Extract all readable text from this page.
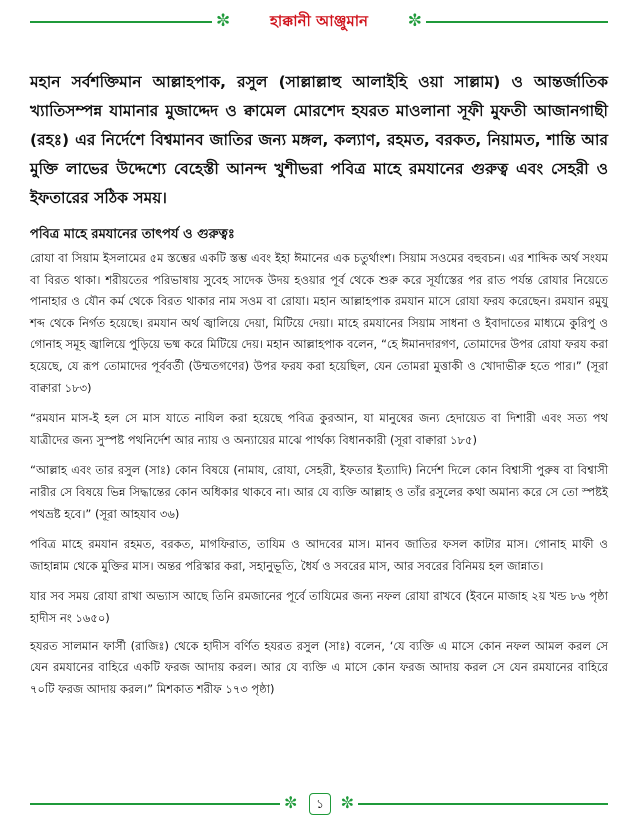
✼	হাক্কানী আঞ্জুমান	✼
মহান সর্বশক্তিমান আল্লাহপাক, রসুল (সাল্লাল্লাহু আলাইহি ওয়া সাল্লাম) ও আন্তর্জাতিক খ্যাতিসম্পন্ন যামানার মুজাদ্দেদ ও ক্বামেল মোরশেদ হযরত মাওলানা সূফী মুফতী আজানগাছী (রহঃ) এর নির্দেশে বিশ্বমানব জাতির জন্য মঙ্গল, কল্যাণ, রহমত, বরকত, নিয়ামত, শান্তি আর মুক্তি লাভের উদ্দেশ্যে বেহেস্তী আনন্দ খুশীভরা পবিত্র মাহে রমযানের গুরুত্ব এবং সেহরী ও ইফতারের সঠিক সময়।
পবিত্র মাহে রমযানের তাৎপর্য ও গুরুত্বঃ

রোযা বা সিয়াম ইসলামের ৫ম স্তম্ভের একটি স্তম্ভ এবং ইহা ঈমানের এক চতুর্থাংশ। সিয়াম সওমের বহুবচন। এর শাব্দিক অর্থ সংযম বা বিরত থাকা। শরীয়তের পরিভাষায় সুবেহ সাদেক উদয় হওয়ার পূর্ব থেকে শুরু করে সূর্যাস্তের পর রাত পর্যন্ত রোযার নিয়েতে পানাহার ও যৌন কর্ম থেকে বিরত থাকার নাম সওম বা রোযা। মহান আল্লাহপাক রমযান মাসে রোযা ফরয করেছেন। রমযান রমুযু শব্দ থেকে নির্গত হয়েছে। রমযান অর্থ জ্বালিয়ে দেয়া, মিটিয়ে দেয়া। মাহে রমযানের সিয়াম সাধনা ও ইবাদাতের মাধ্যমে কুরিপু ও গোনাহ সমূহ জ্বালিয়ে পুড়িয়ে ভষ্ম করে মিটিয়ে দেয়। মহান আল্লাহপাক বলেন, “হে ঈমানদারগণ, তোমাদের উপর রোযা ফরয করা হয়েছে, যে রূপ তোমাদের পূর্ববর্তী (উম্মতগণের) উপর ফরয করা হয়েছিল, যেন তোমরা মুত্তাকী ও খোদাভীরু হতে পার।” (সূরা বাক্বারা ১৮৩)

“রমযান মাস-ই হল সে মাস যাতে নাযিল করা হয়েছে পবিত্র কুরআন, যা মানুষের জন্য হেদায়েত বা দিশারী এবং সত্য পথ যাত্রীদের জন্য সুস্পষ্ট পথনির্দেশ আর ন্যায় ও অন্যায়ের মাঝে পার্থক্য বিধানকারী (সূরা বাক্বারা ১৮৫)

“আল্লাহ এবং তার রসুল (সাঃ) কোন বিষয়ে (নামায, রোযা, সেহরী, ইফতার ইত্যাদি) নির্দেশ দিলে কোন বিশ্বাসী পুরুষ বা বিশ্বাসী নারীর সে বিষয়ে ভিন্ন সিদ্ধান্তের কোন অধিকার থাকবে না। আর যে ব্যক্তি আল্লাহ ও তাঁর রসুলের কথা অমান্য করে সে তো স্পষ্টই পথভ্রষ্ট হবে।” (সূরা আহযাব ৩৬)

পবিত্র মাহে রমযান রহমত, বরকত, মাগফিরাত, তাযিম ও আদবের মাস। মানব জাতির ফসল কাটার মাস। গোনাহ মাফী ও জাহান্নাম থেকে মুক্তির মাস। অন্তর পরিস্কার করা, সহানুভূতি, ধৈর্য ও সবরের মাস, আর সবরের বিনিময় হল জান্নাত।

যার সব সময় রোযা রাখা অভ্যাস আছে তিনি রমজানের পূর্বে তাযিমের জন্য নফল রোযা রাখবে (ইবনে মাজাহ ২য় খন্ড ৮৬ পৃষ্ঠা হাদীস নং ১৬৫০)

হযরত সালমান ফার্সী (রাজিঃ) থেকে হাদীস বর্ণিত হযরত রসুল (সাঃ) বলেন, ‘যে ব্যক্তি এ মাসে কোন নফল আমল করল সে যেন রমযানের বাহিরে একটি ফরজ আদায় করল। আর যে ব্যক্তি এ মাসে কোন ফরজ আদায় করল সে যেন রমযানের বাহিরে ৭০টি ফরজ আদায় করল।” মিশকাত শরীফ ১৭৩ পৃষ্ঠা)

✼	১	✼
